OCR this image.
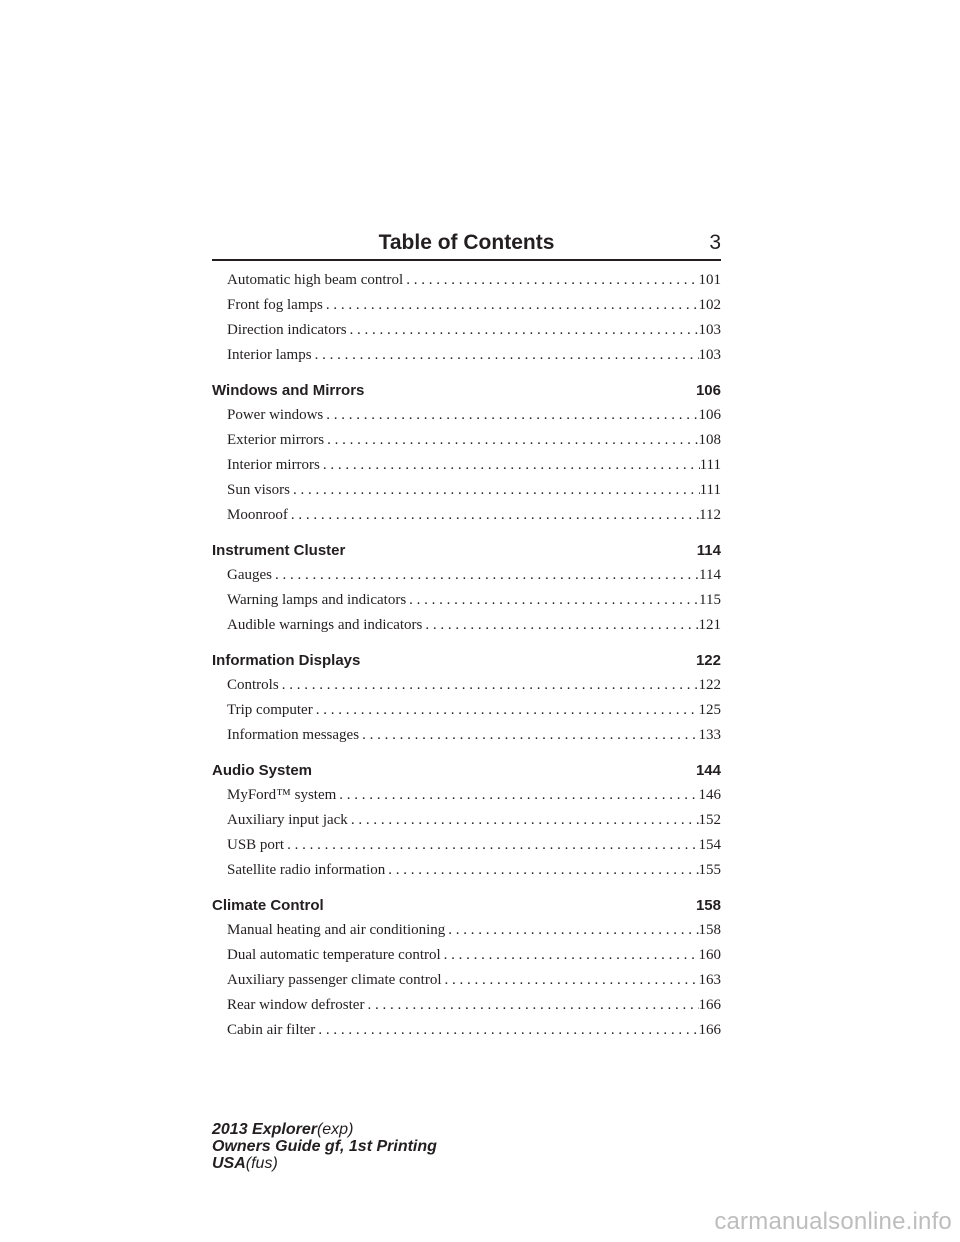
Table of Contents	3
Automatic high beam control . . .	101
Front fog lamps . . .	102
Direction indicators . . .	103
Interior lamps . . .	103
Windows and Mirrors	106
Power windows . . .	106
Exterior mirrors . . .	108
Interior mirrors . . .	111
Sun visors . . .	111
Moonroof . . .	112
Instrument Cluster	114
Gauges . . .	114
Warning lamps and indicators . . .	115
Audible warnings and indicators . . .	121
Information Displays	122
Controls . . .	122
Trip computer . . .	125
Information messages . . .	133
Audio System	144
MyFord™ system . . .	146
Auxiliary input jack . . .	152
USB port . . .	154
Satellite radio information . . .	155
Climate Control	158
Manual heating and air conditioning . . .	158
Dual automatic temperature control . . .	160
Auxiliary passenger climate control . . .	163
Rear window defroster . . .	166
Cabin air filter . . .	166
2013 Explorer(exp)
Owners Guide gf, 1st Printing
USA(fus)
carmanualsonline.info
